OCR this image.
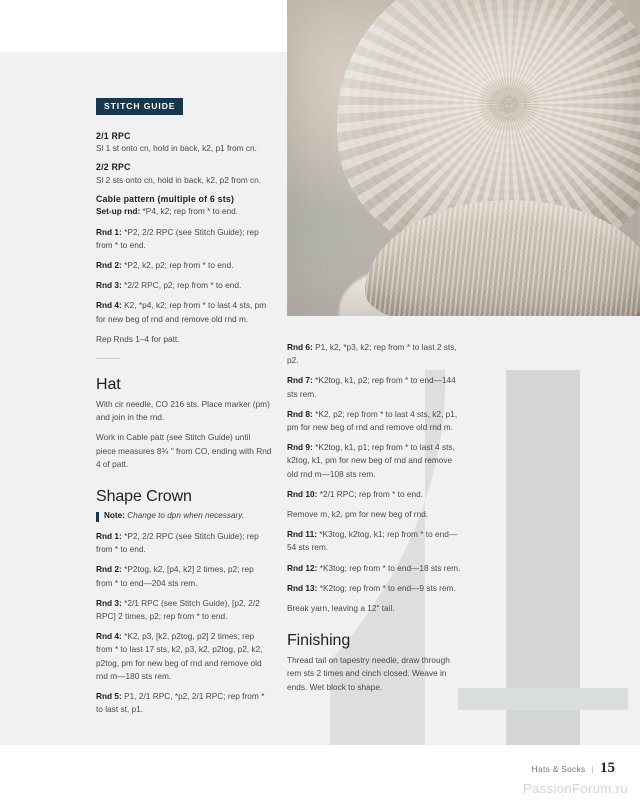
STITCH GUIDE
2/1 RPC

Sl 1 st onto cn, hold in back, k2, p1 from cn.

2/2 RPC

Sl 2 sts onto cn, hold in back, k2, p2 from cn.

Cable pattern (multiple of 6 sts)

Set-up rnd: *P4, k2; rep from * to end.

Rnd 1: *P2, 2/2 RPC (see Stitch Guide); rep from * to end.

Rnd 2: *P2, k2, p2; rep from * to end.

Rnd 3: *2/2 RPC, p2; rep from * to end.

Rnd 4: K2, *p4, k2; rep from * to last 4 sts, pm for new beg of rnd and remove old rnd m.

Rep Rnds 1–4 for patt.

Hat

With cir needle, CO 216 sts. Place marker (pm) and join in the rnd.

Work in Cable patt (see Stitch Guide) until piece measures 8¾ ʺ from CO, ending with Rnd 4 of patt.

Shape Crown
Note: Change to dpn when necessary.

Rnd 1: *P2, 2/2 RPC (see Stitch Guide); rep from * to end.

Rnd 2: *P2tog, k2, [p4, k2] 2 times, p2; rep from * to end—204 sts rem.

Rnd 3: *2/1 RPC (see Stitch Guide), [p2, 2/2 RPC] 2 times, p2; rep from * to end.

Rnd 4: *K2, p3, [k2, p2tog, p2] 2 times; rep from * to last 17 sts, k2, p3, k2, p2tog, p2, k2, p2tog, pm for new beg of rnd and remove old rnd m—180 sts rem.

Rnd 5: P1, 2/1 RPC, *p2, 2/1 RPC; rep from * to last st, p1.

Rnd 6: P1, k2, *p3, k2; rep from * to last 2 sts, p2.

Rnd 7: *K2tog, k1, p2; rep from * to end—144 sts rem.

Rnd 8: *K2, p2; rep from * to last 4 sts, k2, p1, pm for new beg of rnd and remove old rnd m.

Rnd 9: *K2tog, k1, p1; rep from * to last 4 sts, k2tog, k1, pm for new beg of rnd and remove old rnd m—108 sts rem.

Rnd 10: *2/1 RPC; rep from * to end.

Remove m, k2, pm for new beg of rnd.

Rnd 11: *K3tog, k2tog, k1; rep from * to end—54 sts rem.

Rnd 12: *K3tog; rep from * to end—18 sts rem.

Rnd 13: *K2tog; rep from * to end—9 sts rem.

Break yarn, leaving a 12ʺ tail.

Finishing

Thread tail on tapestry needle, draw through rem sts 2 times and cinch closed. Weave in ends. Wet block to shape.

Hats & Socks | 15
PassionForum.ru
